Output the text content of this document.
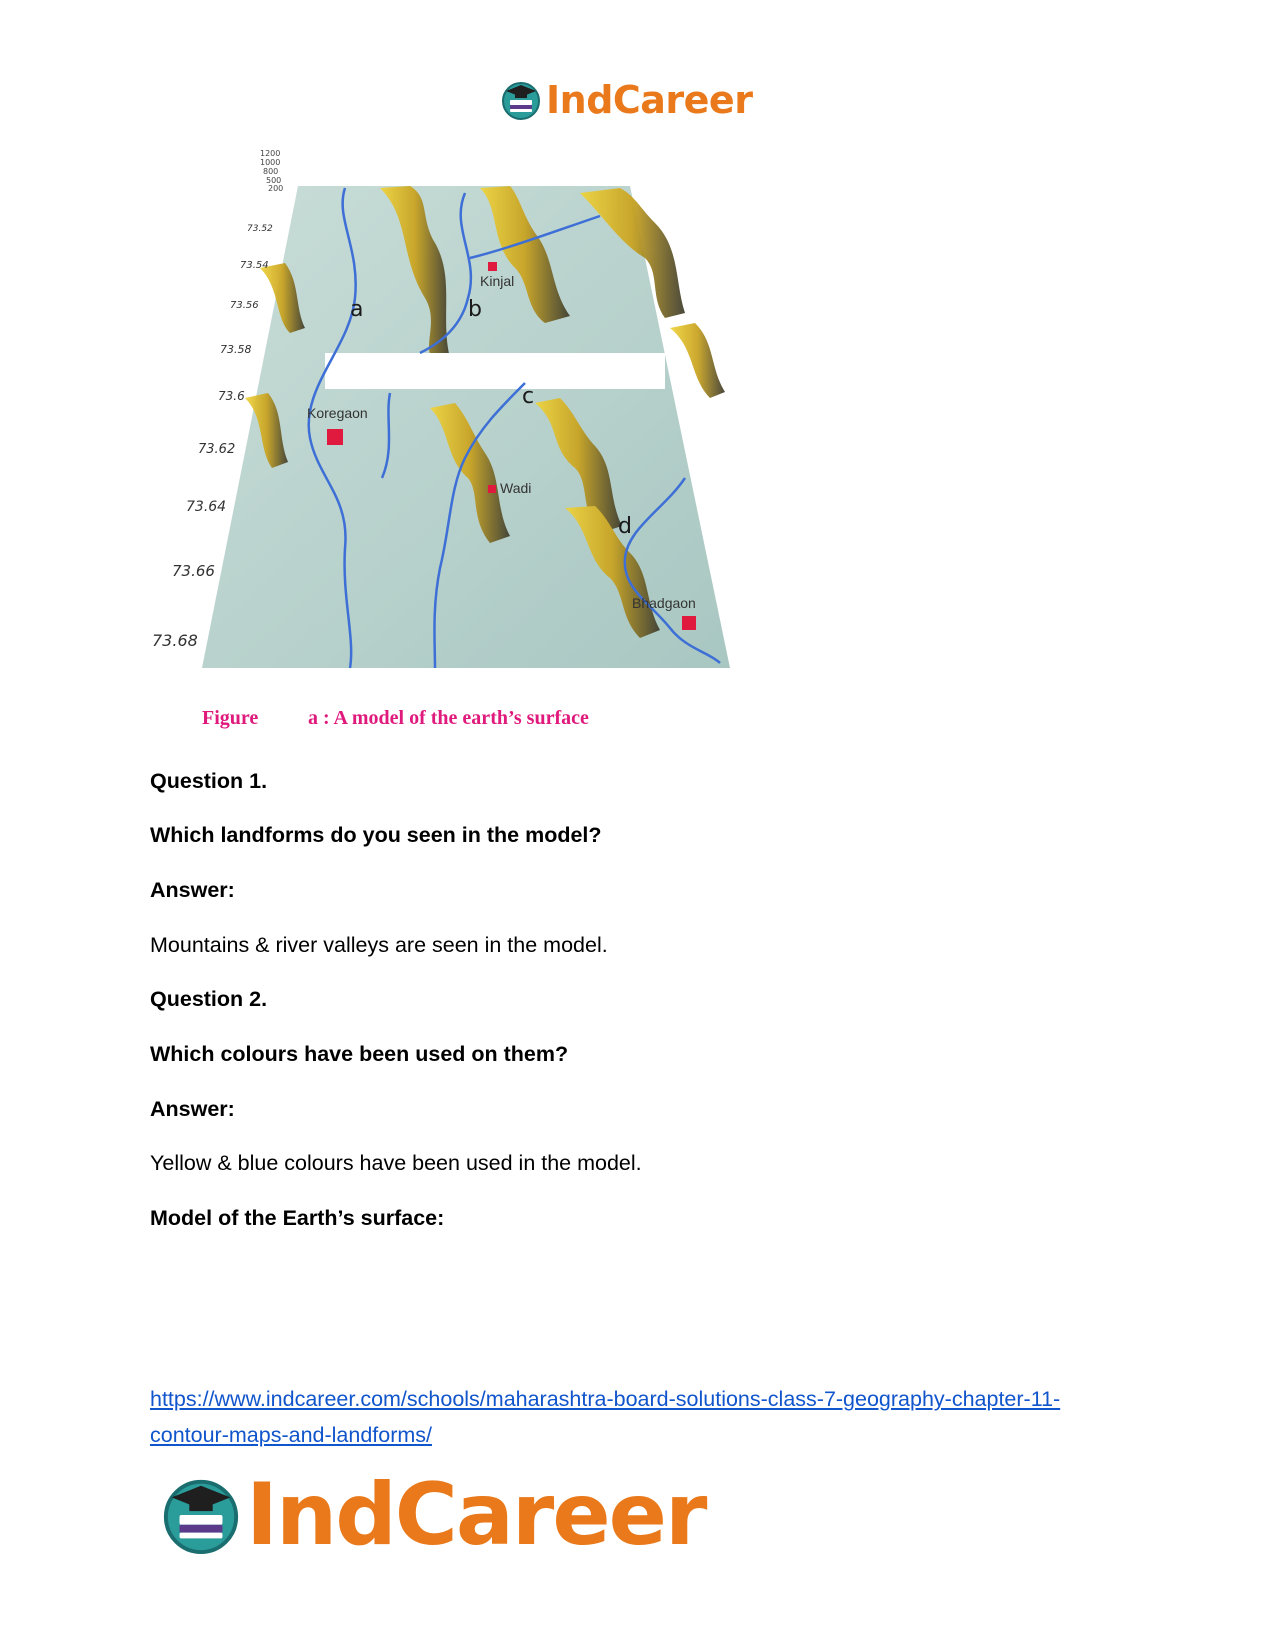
IndCareer
Kinjal
Koregaon
Wadi
Bhadgaon
a	b
c
d
73.52
73.54
73.56
73.58
73.6
73.62
73.64
73.66
73.68
1200
1000
800
500
200
Figure a : A model of the earth’s surface
Question 1.
Which landforms do you seen in the model?
Answer:
Mountains & river valleys are seen in the model.
Question 2.
Which colours have been used on them?
Answer:
Yellow & blue colours have been used in the model.
Model of the Earth’s surface:
https://www.indcareer.com/schools/maharashtra-board-solutions-class-7-geography-chapter-11-contour-maps-and-landforms/
IndCareer
